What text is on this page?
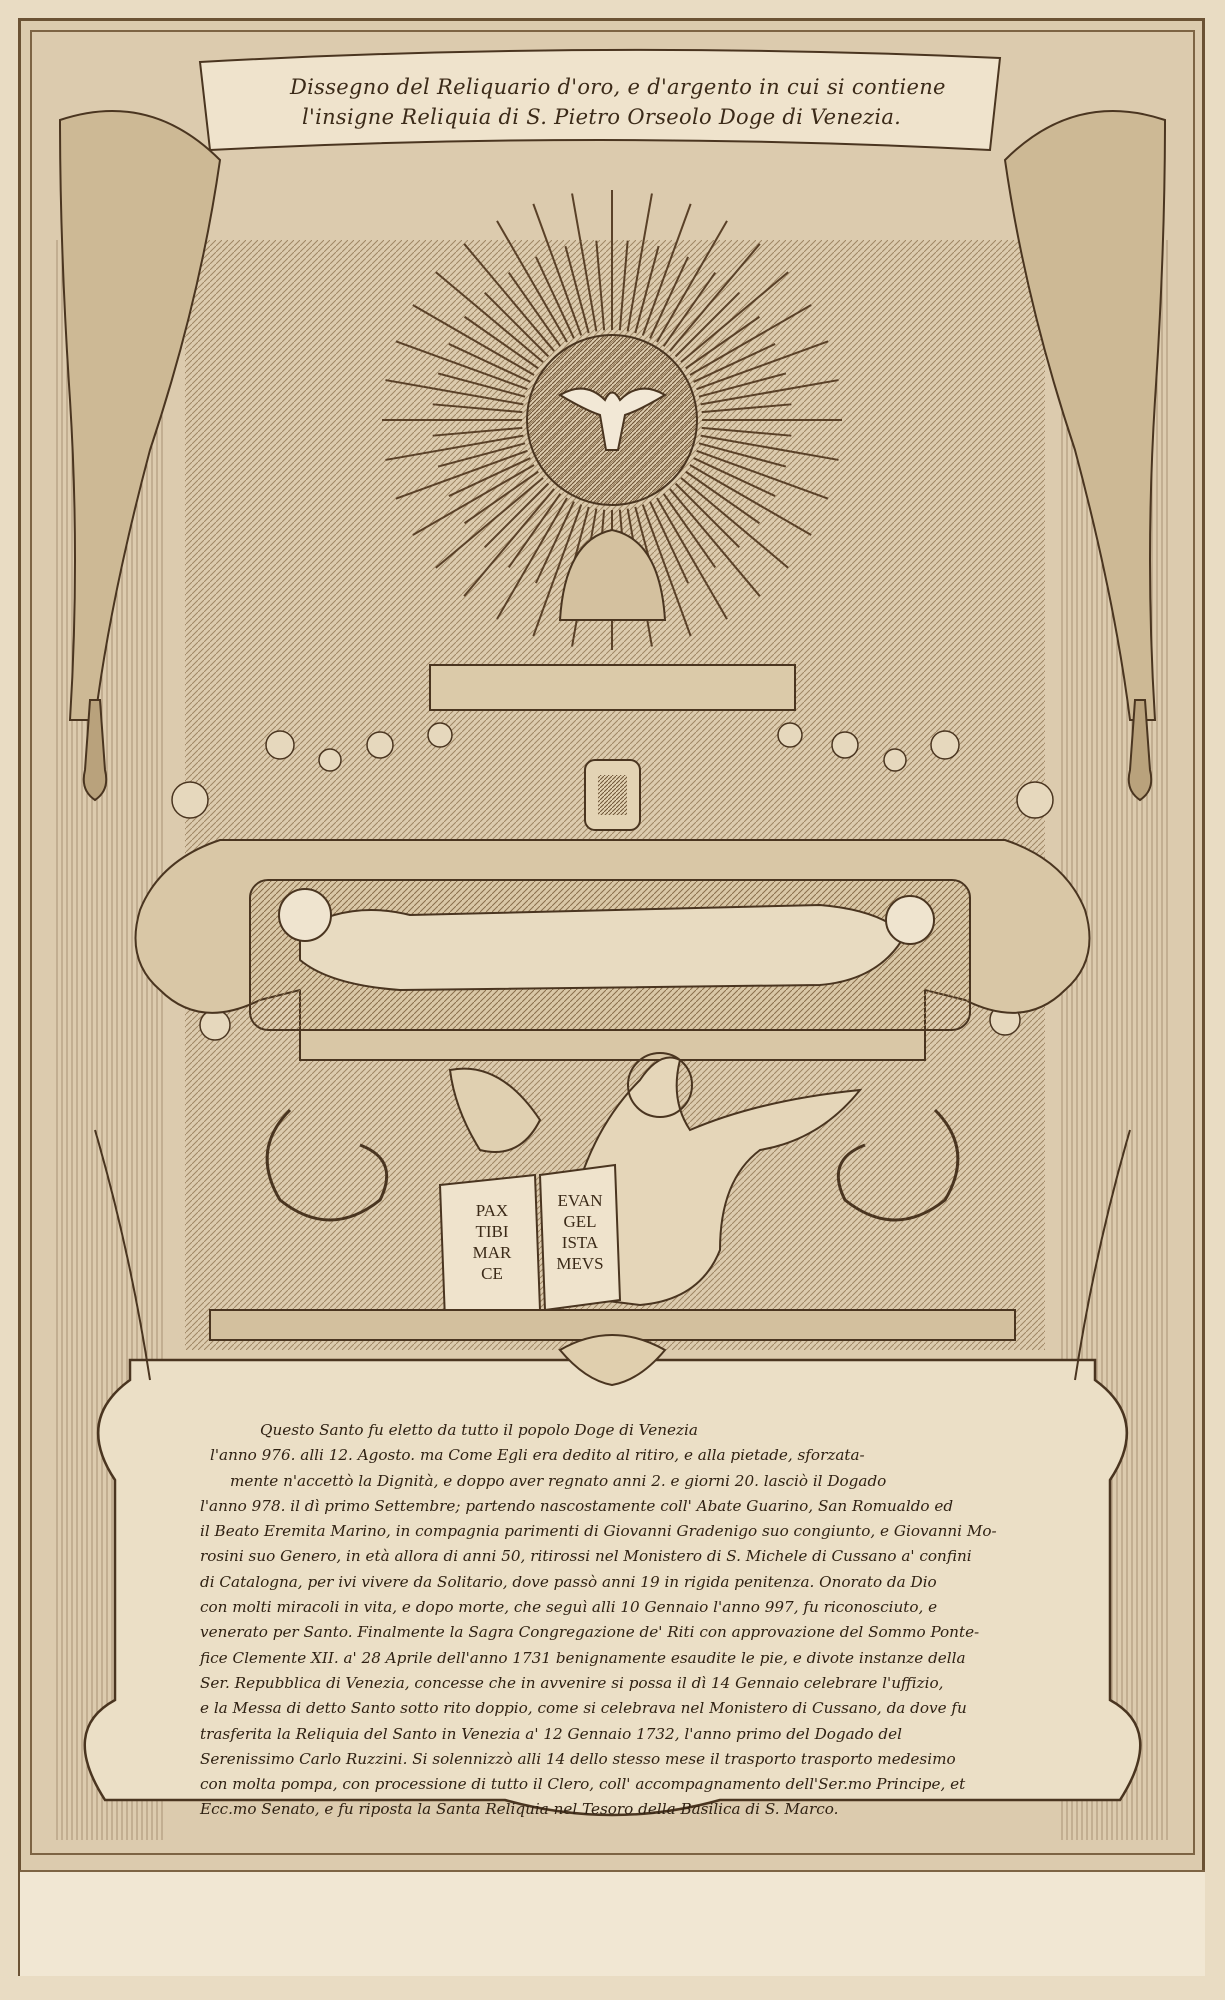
Dissegno del Reliquario d'oro, e d'argento in cui si contiene
l'insigne Reliquia di S. Pietro Orseolo Doge di Venezia.
PAX
TIBI
MAR
CE
EVAN
GEL
ISTA
MEVS
Questo Santo fu eletto da tutto il popolo Doge di Venezia
l'anno 976. alli 12. Agosto. ma Come Egli era dedito al ritiro, e alla pietade, sforzata-
mente n'accettò la Dignità, e doppo aver regnato anni 2. e giorni 20. lasciò il Dogado
l'anno 978. il dì primo Settembre; partendo nascostamente coll' Abate Guarino, San Romualdo ed
il Beato Eremita Marino, in compagnia parimenti di Giovanni Gradenigo suo congiunto, e Giovanni Mo-
rosini suo Genero, in età allora di anni 50, ritirossi nel Monistero di S. Michele di Cussano a' confini
di Catalogna, per ivi vivere da Solitario, dove passò anni 19 in rigida penitenza. Onorato da Dio
con molti miracoli in vita, e dopo morte, che seguì alli 10 Gennaio l'anno 997, fu riconosciuto, e
venerato per Santo. Finalmente la Sagra Congregazione de' Riti con approvazione del Sommo Ponte-
fice Clemente XII. a' 28 Aprile dell'anno 1731 benignamente esaudite le pie, e divote instanze della
Ser. Repubblica di Venezia, concesse che in avvenire si possa il dì 14 Gennaio celebrare l'uffizio,
e la Messa di detto Santo sotto rito doppio, come si celebrava nel Monistero di Cussano, da dove fu
trasferita la Reliquia del Santo in Venezia a' 12 Gennaio 1732, l'anno primo del Dogado del
Serenissimo Carlo Ruzzini. Si solennizzò alli 14 dello stesso mese il trasporto trasporto medesimo
con molta pompa, con processione di tutto il Clero, coll' accompagnamento dell'Ser.mo Principe, et
Ecc.mo Senato, e fu riposta la Santa Reliquia nel Tesoro della Basilica di S. Marco.
